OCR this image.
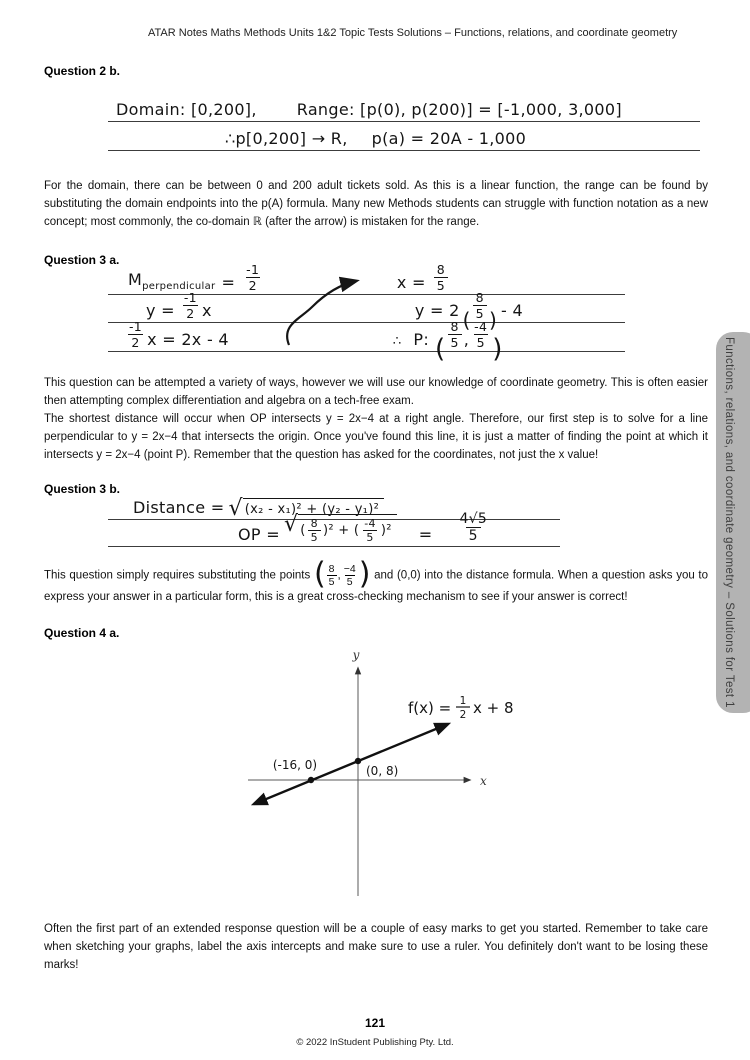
ATAR Notes Maths Methods Units 1&2 Topic Tests Solutions – Functions, relations, and coordinate geometry
Functions, relations, and coordinate geometry – Solutions for Test 1
Question 2 b.
Domain: [0,200],	Range: [p(0), p(200)] = [-1,000, 3,000]
∴p[0,200] → R, p(a) = 20A - 1,000

For the domain, there can be between 0 and 200 adult tickets sold. As this is a linear function, the range can be found by substituting the domain endpoints into the p(A) formula. Many new Methods students can struggle with function notation as a new concept; most commonly, the co-domain ℝ (after the arrow) is mistaken for the range.

Question 3 a.
$M_{perpendicular} = \frac{-1}{2}$	$x = \frac{8}{5}$
$y = \frac{-1}{2}$ x	y = 2 (
8
5 ) - 4
-1
2 x = 2x - 4	∴ P: (
8
5 ,
-4
5 )

This question can be attempted a variety of ways, however we will use our knowledge of coordinate geometry. This is often easier then attempting complex differentiation and algebra on a tech-free exam.

The shortest distance will occur when OP intersects y = 2x−4 at a right angle. Therefore, our first step is to solve for a line perpendicular to y = 2x−4 that intersects the origin. Once you've found this line, it is just a matter of finding the point at which it intersects y = 2x−4 (point P). Remember that the question has asked for the coordinates, not just the x value!

Question 3 b.
Distance = √ (x₂ - x₁)² + (y₂ - y₁)²
OP = √ (
8
5 )² + (
-4
5 )$^2 = \frac{4√5}{5}$
This question simply requires substituting the points ( $\frac{8}{5}$ , $\frac{-4}{5}$ ) and (0,0) into the distance formula. When a question asks you to express your answer in a particular form, this is a great cross-checking mechanism to see if your answer is correct!
Question 4 a.
y
x
(-16, 0)	(0, 8)
f(x) = 1
2 x + 8

Often the first part of an extended response question will be a couple of easy marks to get you started. Remember to take care when sketching your graphs, label the axis intercepts and make sure to use a ruler. You definitely don't want to be losing these marks!

121
© 2022 InStudent Publishing Pty. Ltd.
